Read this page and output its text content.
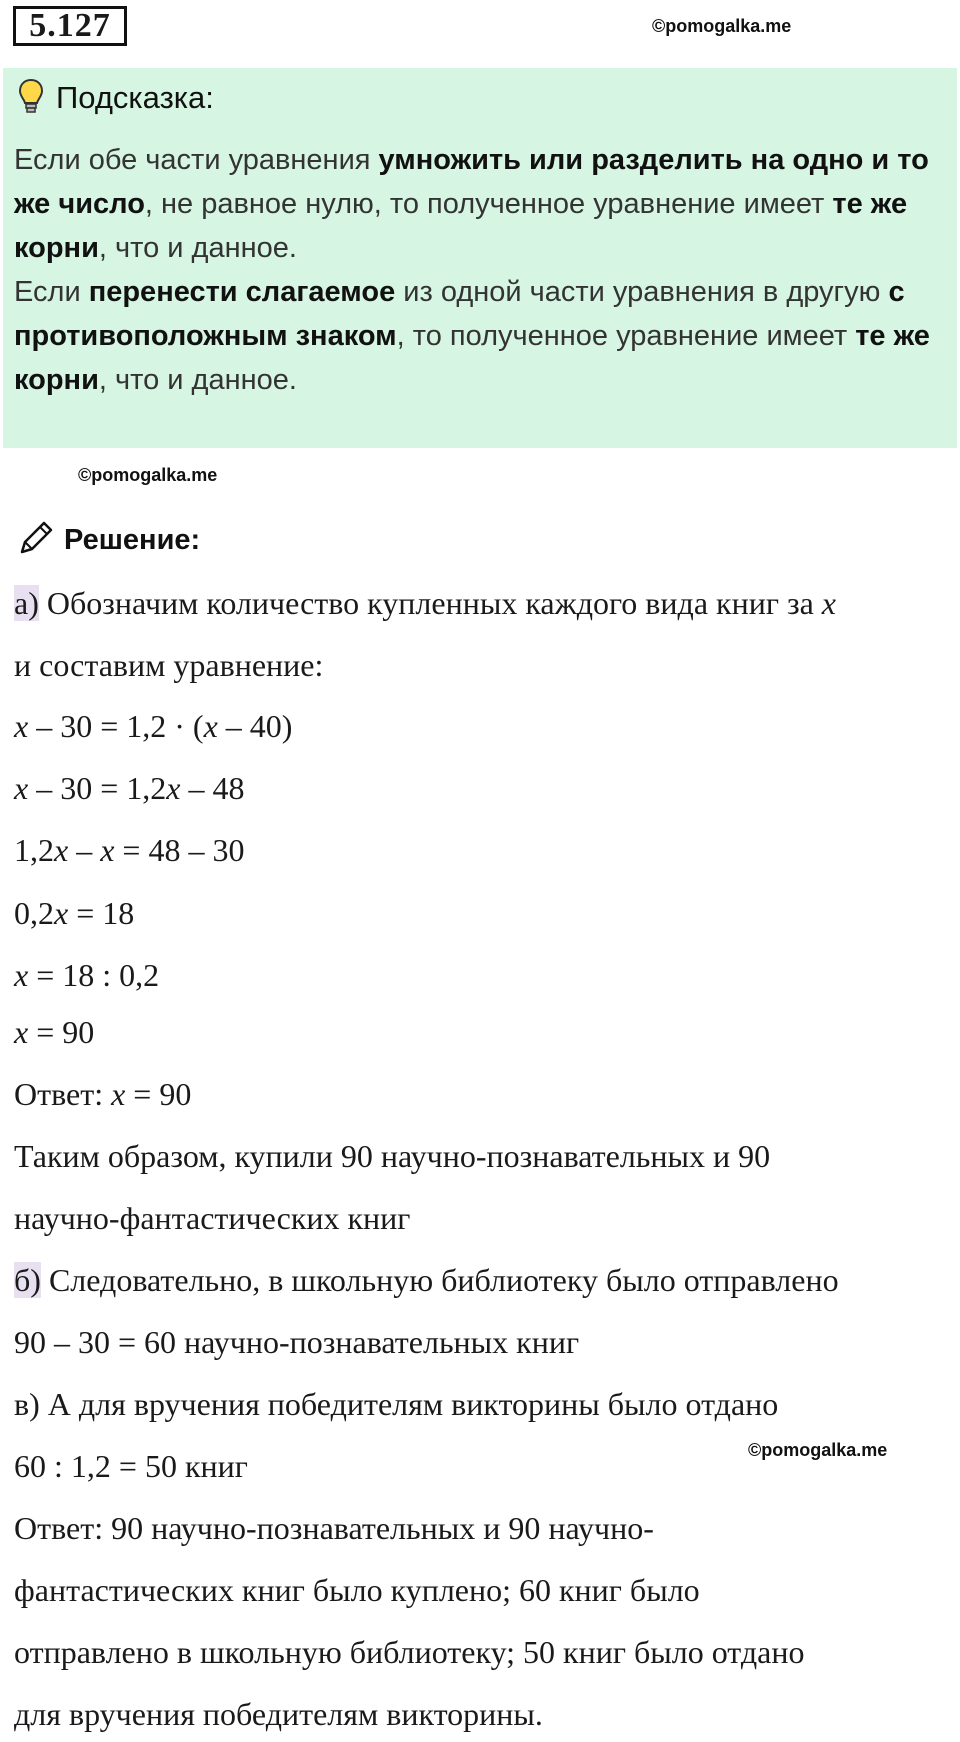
5.127	©pomogalka.me
Подсказка:
Если обе части уравнения умножить или разделить на одно и то же число, не равное нулю, то полученное уравнение имеет те же корни, что и данное.
Если перенести слагаемое из одной части уравнения в другую с противоположным знаком, то полученное уравнение имеет те же корни, что и данное.
©pomogalka.me
Решение:
а) Обозначим количество купленных каждого вида книг за x
и составим уравнение:
x – 30 = 1,2 · (x – 40)
x – 30 = 1,2x – 48
1,2x – x = 48 – 30
0,2x = 18
x = 18 : 0,2
x = 90
Ответ: x = 90
Таким образом, купили 90 научно-познавательных и 90
научно-фантастических книг
б) Следовательно, в школьную библиотеку было отправлено
90 – 30 = 60 научно-познавательных книг
в) А для вручения победителям викторины было отдано
©pomogalka.me
60 : 1,2 = 50 книг
Ответ: 90 научно-познавательных и 90 научно-
фантастических книг было куплено; 60 книг было
отправлено в школьную библиотеку; 50 книг было отдано
для вручения победителям викторины.
